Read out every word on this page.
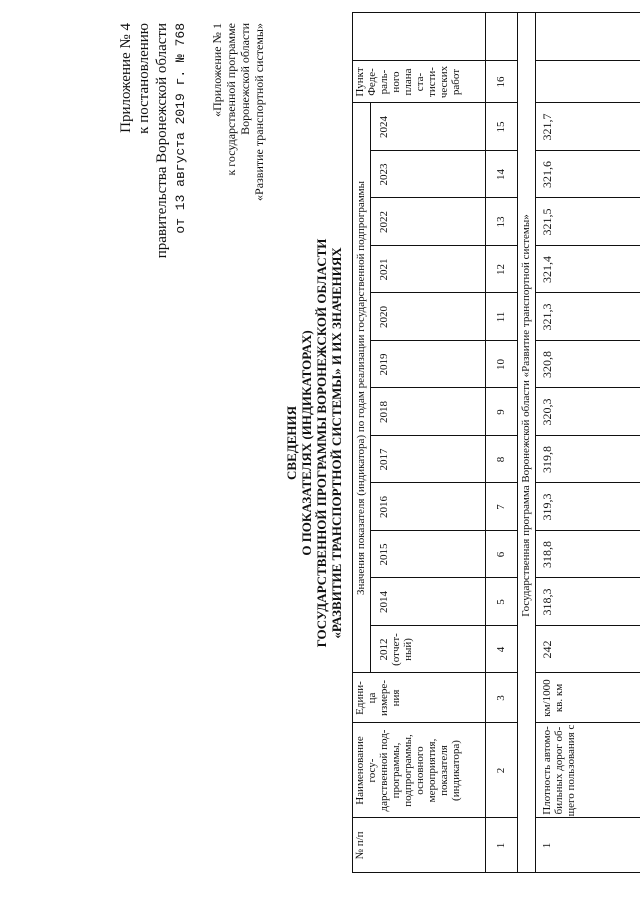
Приложение № 4 к постановлению правительства Воронежской области от 13 августа 2019 г. № 768 «Приложение № 1 к государственной программе Воронежской области «Развитие транспортной системы»
СВЕДЕНИЯ О ПОКАЗАТЕЛЯХ (ИНДИКАТОРАХ) ГОСУДАРСТВЕННОЙ ПРОГРАММЫ ВОРОНЕЖСКОЙ ОБЛАСТИ «РАЗВИТИЕ ТРАНСПОРТНОЙ СИСТЕМЫ» И ИХ ЗНАЧЕНИЯХ
№ п/п
Наименование госу- дарственной под- программы, подпрограммы, основного мероприятия, показателя (индикатора)
Едини- ца измере- ния
Значения показателя (индикатора) по годам реализации государственной подпрограммы
2012 (отчет-ный)
2014
2015
2016
2017
2018
2019
2020
2021
2022
2023
2024
Пункт Феде- раль- ного плана ста- тисти- ческих работ
1
2
3
4
5
6
7
8
9
10
11
12
13
14
15
16
Государственная программа Воронежской области «Развитие транспортной системы»
1
Плотность автомо- бильных дорог об- щего пользования с
км/1000 кв. км
242
318,3
318,8
319,3
319,8
320,3
320,8
321,3
321,4
321,5
321,6
321,7
